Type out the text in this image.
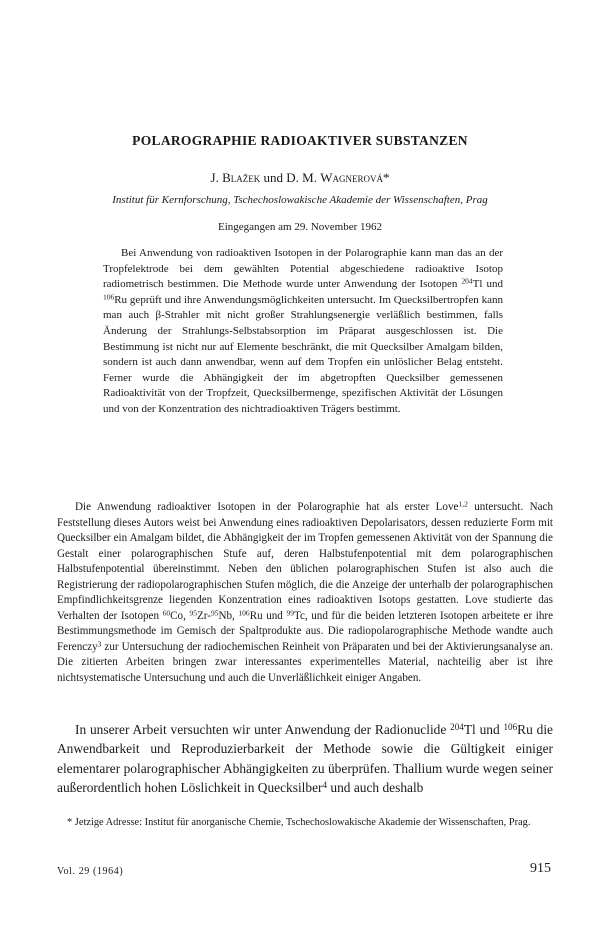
POLAROGRAPHIE RADIOAKTIVER SUBSTANZEN
J. Blažek und D. M. Wagnerová*
Institut für Kernforschung, Tschechoslowakische Akademie der Wissenschaften, Prag
Eingegangen am 29. November 1962

Bei Anwendung von radioaktiven Isotopen in der Polarographie kann man das an der Tropfelektrode bei dem gewählten Potential abgeschiedene radioaktive Isotop radiometrisch bestimmen. Die Methode wurde unter Anwendung der Isotopen $^{204}$Tl und $^{106}$Ru geprüft und ihre Anwendungsmöglichkeiten untersucht. Im Quecksilbertropfen kann man auch β-Strahler mit nicht großer Strahlungsenergie verläßlich bestimmen, falls Änderung der Strahlungs-Selbstabsorption im Präparat ausgeschlossen ist. Die Bestimmung ist nicht nur auf Elemente beschränkt, die mit Quecksilber Amalgam bilden, sondern ist auch dann anwendbar, wenn auf dem Tropfen ein unlöslicher Belag entsteht. Ferner wurde die Abhängigkeit der im abgetropften Quecksilber gemessenen Radioaktivität von der Tropfzeit, Quecksilbermenge, spezifischen Aktivität der Lösungen und von der Konzentration des nichtradioaktiven Trägers bestimmt.

Die Anwendung radioaktiver Isotopen in der Polarographie hat als erster Love$^{1,2}$ untersucht. Nach Feststellung dieses Autors weist bei Anwendung eines radioaktiven Depolarisators, dessen reduzierte Form mit Quecksilber ein Amalgam bildet, die Abhängigkeit der im Tropfen gemessenen Aktivität von der Spannung die Gestalt einer polarographischen Stufe auf, deren Halbstufenpotential mit dem polarographischen Halbstufenpotential übereinstimmt. Neben den üblichen polarographischen Stufen ist also auch die Registrierung der radiopolarographischen Stufen möglich, die die Anzeige der unterhalb der polarographischen Empfindlichkeitsgrenze liegenden Konzentration eines radioaktiven Isotops gestatten. Love studierte das Verhalten der Isotopen $^{60}$Co, $^{95}$Zr-$^{95}$Nb, $^{106}$Ru und $^{99}$Tc, und für die beiden letzteren Isotopen arbeitete er ihre Bestimmungsmethode im Gemisch der Spaltprodukte aus. Die radiopolarographische Methode wandte auch Ferenczy$^3$ zur Untersuchung der radiochemischen Reinheit von Präparaten und bei der Aktivierungsanalyse an. Die zitierten Arbeiten bringen zwar interessantes experimentelles Material, nachteilig aber ist ihre nichtsystematische Untersuchung und auch die Unverläßlichkeit einiger Angaben.

In unserer Arbeit versuchten wir unter Anwendung der Radionuclide $^{204}$Tl und $^{106}$Ru die Anwendbarkeit und Reproduzierbarkeit der Methode sowie die Gültigkeit einiger elementarer polarographischer Abhängigkeiten zu überprüfen. Thallium wurde wegen seiner außerordentlich hohen Löslichkeit in Quecksilber$^4$ und auch deshalb

* Jetzige Adresse: Institut für anorganische Chemie, Tschechoslowakische Akademie der Wissenschaften, Prag.

Vol. 29 (1964)	915
